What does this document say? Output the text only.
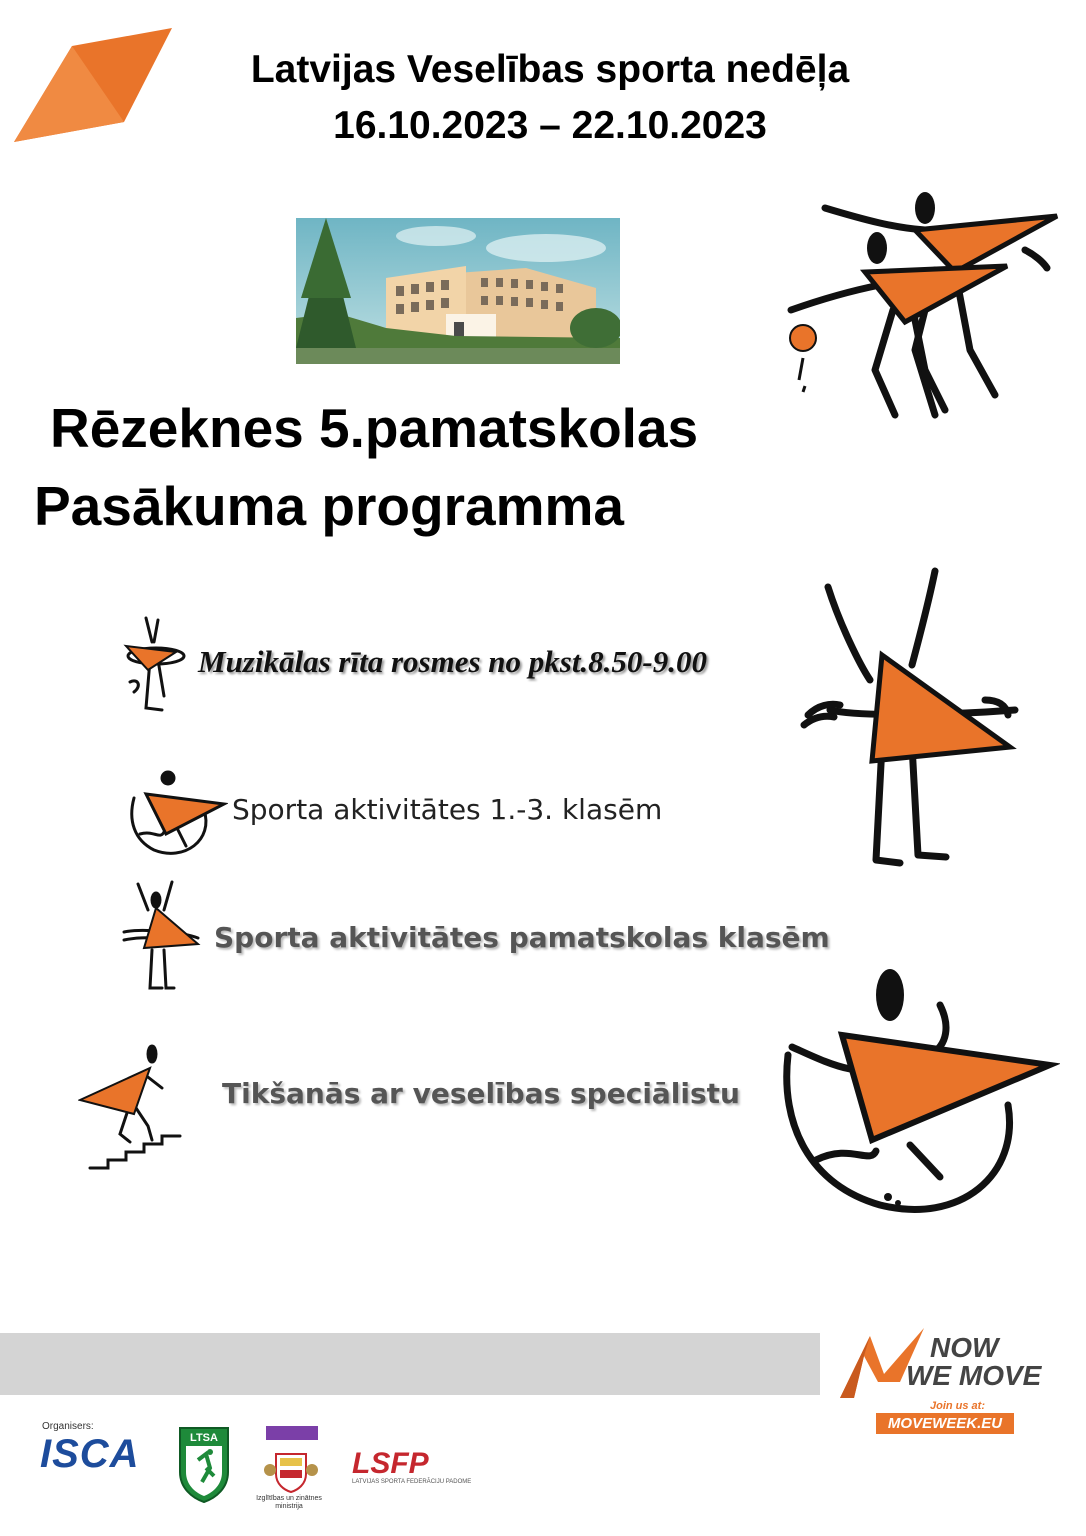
Latvijas Veselības sporta nedēļa
16.10.2023 – 22.10.2023
Rēzeknes 5.pamatskolas
Pasākuma programma
Muzikālas rīta rosmes no pkst.8.50-9.00
Sporta aktivitātes 1.-3. klasēm
Sporta aktivitātes pamatskolas klasēm
Tikšanās ar veselības speciālistu
NOW
WE MOVE
Join us at:
MOVEWEEK.EU
Organisers:
ISCA	LTSA
Izglītības un zinātnes ministrija
LSFP
LATVIJAS SPORTA FEDERĀCIJU PADOME
